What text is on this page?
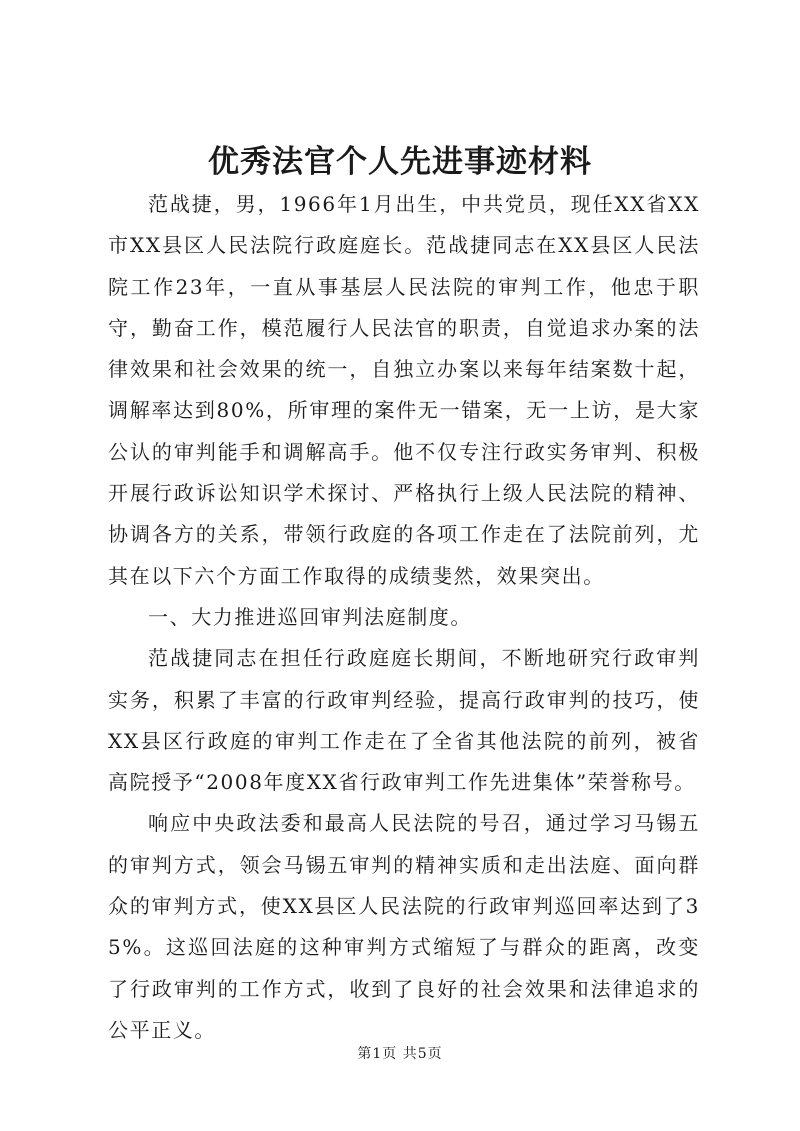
优秀法官个人先进事迹材料

范战捷，男，1966年1月出生，中共党员，现任XX省XX市XX县区人民法院行政庭庭长。范战捷同志在XX县区人民法院工作23年，一直从事基层人民法院的审判工作，他忠于职守，勤奋工作，模范履行人民法官的职责，自觉追求办案的法律效果和社会效果的统一，自独立办案以来每年结案数十起，调解率达到80%，所审理的案件无一错案，无一上访，是大家公认的审判能手和调解高手。他不仅专注行政实务审判、积极开展行政诉讼知识学术探讨、严格执行上级人民法院的精神、协调各方的关系，带领行政庭的各项工作走在了法院前列，尤其在以下六个方面工作取得的成绩斐然，效果突出。

一、大力推进巡回审判法庭制度。

范战捷同志在担任行政庭庭长期间，不断地研究行政审判实务，积累了丰富的行政审判经验，提高行政审判的技巧，使XX县区行政庭的审判工作走在了全省其他法院的前列，被省高院授予“2008年度XX省行政审判工作先进集体”荣誉称号。

响应中央政法委和最高人民法院的号召，通过学习马锡五的审判方式，领会马锡五审判的精神实质和走出法庭、面向群众的审判方式，使XX县区人民法院的行政审判巡回率达到了35%。这巡回法庭的这种审判方式缩短了与群众的距离，改变了行政审判的工作方式，收到了良好的社会效果和法律追求的公平正义。

第1页 共5页
